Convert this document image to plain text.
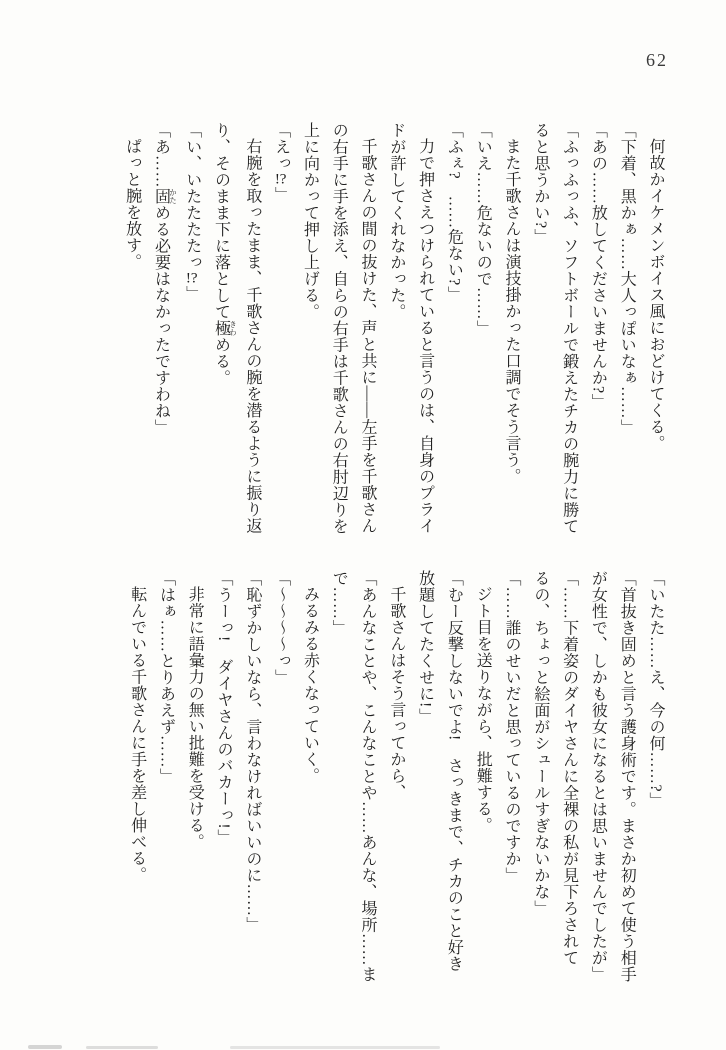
62

何故かイケメンボイス風におどけてくる。

「下着、黒かぁ……大人っぽいなぁ……」

「あの……放してくださいませんか?」

「ふっふっふ、ソフトボールで鍛えたチカの腕力に勝て

ると思うかい?」

また千歌さんは演技掛かった口調でそう言う。

「いえ……危ないので……」

「ふぇ?　……危ない?」

力で押さえつけられていると言うのは、自身のプライ

ドが許してくれなかった。

千歌さんの間の抜けた、声と共に――左手を千歌さん

の右手に手を添え、自らの右手は千歌さんの右肘辺りを

上に向かって押し上げる。

「えっ!?」

右腕を取ったまま、千歌さんの腕を潜るように振り返

り、そのまま下に落として極 きわめる。

「い、いたたたたっ!?」

「あ……固 かためる必要はなかったですわね」

ぱっと腕を放す。

「いたた……え、今の何……?」

「首抜き固めと言う護身術です。まさか初めて使う相手

が女性で、しかも彼女になるとは思いませんでしたが」

「……下着姿のダイヤさんに全裸の私が見下ろされて

るの、ちょっと絵面がシュールすぎないかな」

「……誰のせいだと思っているのですか」

ジト目を送りながら、批難する。

「むー反撃しないでよ!　さっきまで、チカのこと好き

放題してたくせに!」

千歌さんはそう言ってから、

「あんなことや、こんなことや……あんな、場所……ま

で……」

みるみる赤くなっていく。

「〜〜〜〜っ」

「恥ずかしいなら、言わなければいいのに……」

「うーっ!　ダイヤさんのバカーっ!」

非常に語彙力の無い批難を受ける。

「はぁ……とりあえず……」

転んでいる千歌さんに手を差し伸べる。
